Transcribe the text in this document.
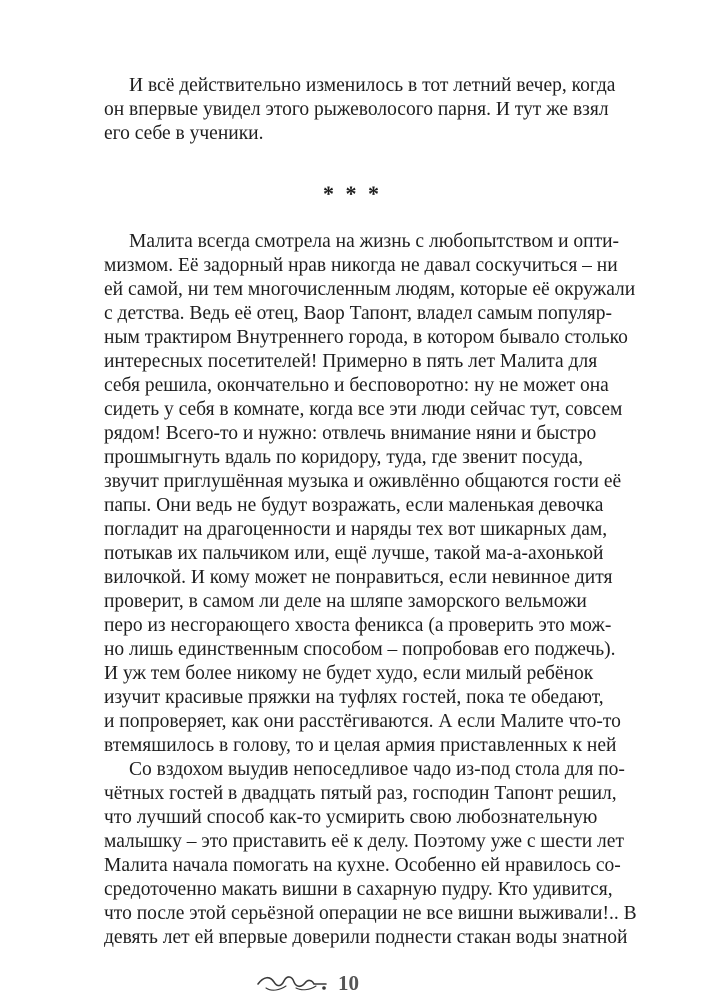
И всё действительно изменилось в тот летний вечер, когда
он впервые увидел этого рыжеволосого парня. И тут же взял
его себе в ученики.
* * *
Малита всегда смотрела на жизнь с любопытством и опти-
мизмом. Её задорный нрав никогда не давал соскучиться – ни
ей самой, ни тем многочисленным людям, которые её окружали
с детства. Ведь её отец, Ваор Тапонт, владел самым популяр-
ным трактиром Внутреннего города, в котором бывало столько
интересных посетителей! Примерно в пять лет Малита для
себя решила, окончательно и бесповоротно: ну не может она
сидеть у себя в комнате, когда все эти люди сейчас тут, совсем
рядом! Всего-то и нужно: отвлечь внимание няни и быстро
прошмыгнуть вдаль по коридору, туда, где звенит посуда,
звучит приглушённая музыка и оживлённо общаются гости её
папы. Они ведь не будут возражать, если маленькая девочка
погладит на драгоценности и наряды тех вот шикарных дам,
потыкав их пальчиком или, ещё лучше, такой ма-а-ахонькой
вилочкой. И кому может не понравиться, если невинное дитя
проверит, в самом ли деле на шляпе заморского вельможи
перо из несгорающего хвоста феникса (а проверить это мож-
но лишь единственным способом – попробовав его поджечь).
И уж тем более никому не будет худо, если милый ребёнок
изучит красивые пряжки на туфлях гостей, пока те обедают,
и попроверяет, как они расстёгиваются. А если Малите что-то
втемяшилось в голову, то и целая армия приставленных к ней
Со вздохом выудив непоседливое чадо из-под стола для по-
чётных гостей в двадцать пятый раз, господин Тапонт решил,
что лучший способ как-то усмирить свою любознательную
малышку – это приставить её к делу. Поэтому уже с шести лет
Малита начала помогать на кухне. Особенно ей нравилось со-
средоточенно макать вишни в сахарную пудру. Кто удивится,
что после этой серьёзной операции не все вишни выживали!.. В
девять лет ей впервые доверили поднести стакан воды знатной
10
